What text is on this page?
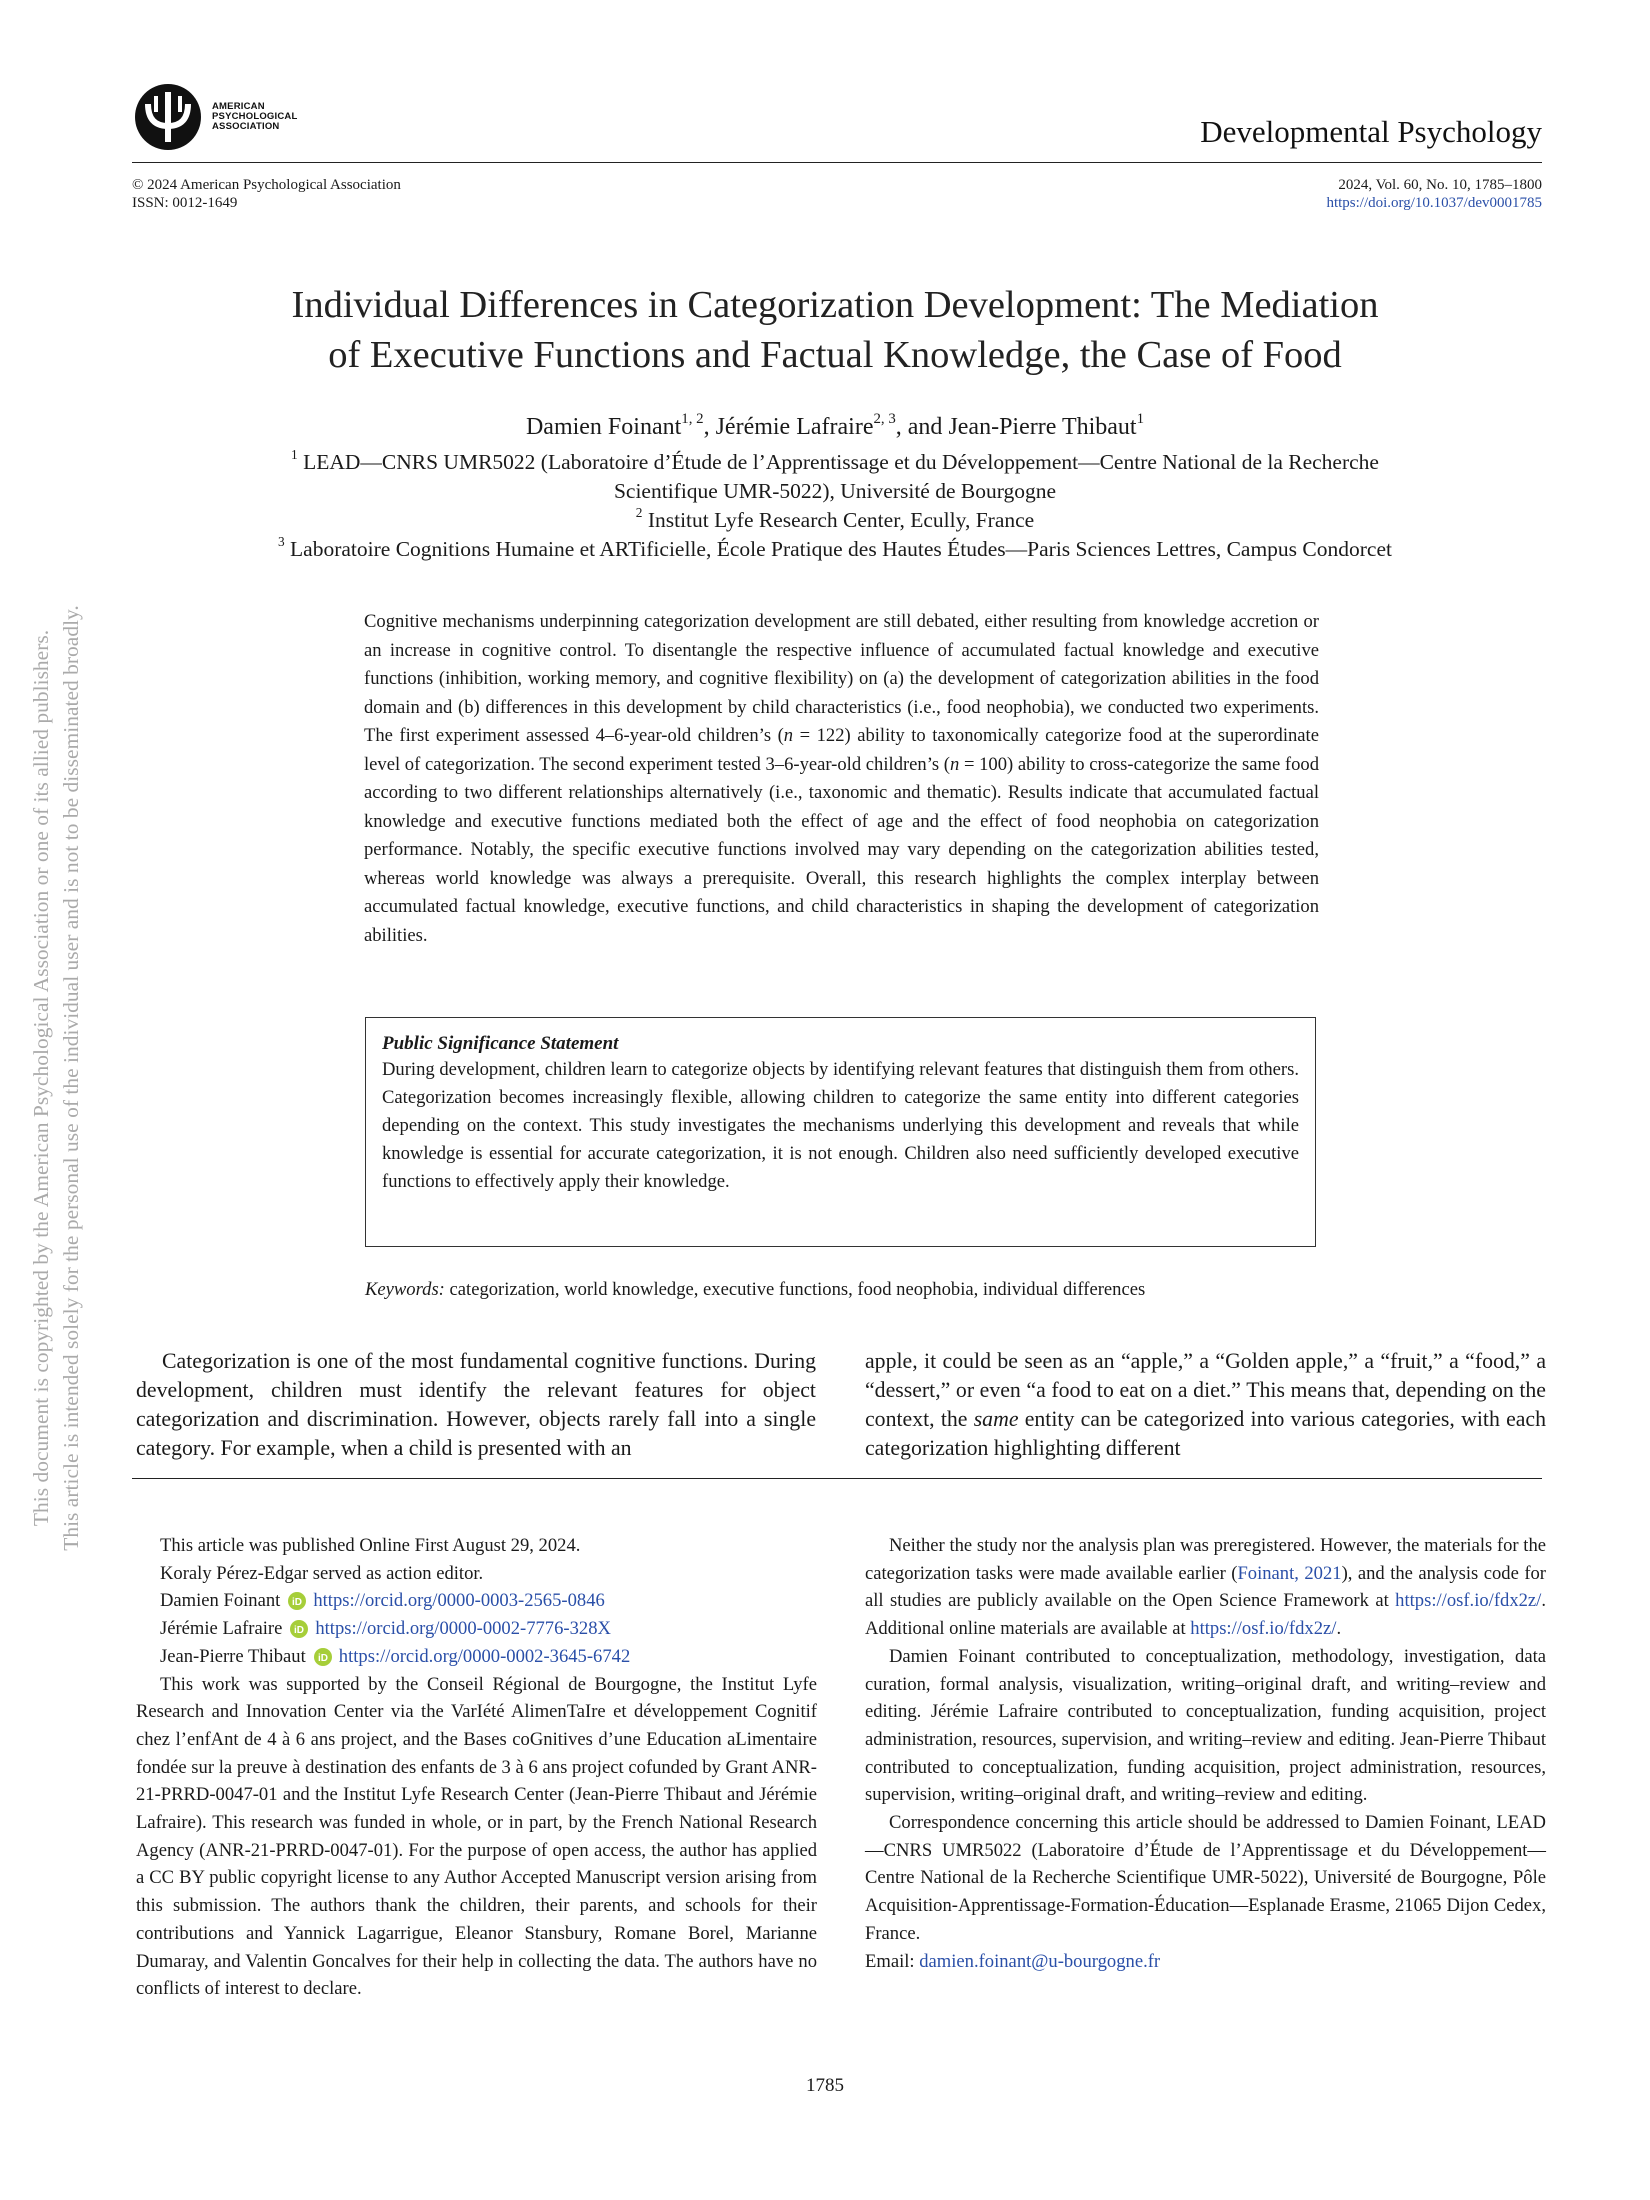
This document is copyrighted by the American Psychological Association or one of its allied publishers. This article is intended solely for the personal use of the individual user and is not to be disseminated broadly.
AMERICAN
PSYCHOLOGICAL
ASSOCIATION	Developmental Psychology
© 2024 American Psychological Association
ISSN: 0012-1649
2024, Vol. 60, No. 10, 1785–1800
https://doi.org/10.1037/dev0001785
Individual Differences in Categorization Development: The Mediation
of Executive Functions and Factual Knowledge, the Case of Food
Damien Foinant$^{1, 2}$, Jérémie Lafraire$^{2, 3}$, and Jean-Pierre Thibaut$^1$
$^1$ LEAD—CNRS UMR5022 (Laboratoire d’Étude de l’Apprentissage et du Développement—Centre National de la Recherche
Scientifique UMR-5022), Université de Bourgogne
$^2$ Institut Lyfe Research Center, Ecully, France
$^3$ Laboratoire Cognitions Humaine et ARTificielle, École Pratique des Hautes Études—Paris Sciences Lettres, Campus Condorcet
Cognitive mechanisms underpinning categorization development are still debated, either resulting from knowledge accretion or an increase in cognitive control. To disentangle the respective influence of accumulated factual knowledge and executive functions (inhibition, working memory, and cognitive flexibility) on (a) the development of categorization abilities in the food domain and (b) differences in this development by child characteristics (i.e., food neophobia), we conducted two experiments. The first experiment assessed 4–6-year-old children’s (n = 122) ability to taxonomically categorize food at the superordinate level of categorization. The second experiment tested 3–6-year-old children’s (n = 100) ability to cross-categorize the same food according to two different relationships alternatively (i.e., taxonomic and thematic). Results indicate that accumulated factual knowledge and executive functions mediated both the effect of age and the effect of food neophobia on categorization performance. Notably, the specific executive functions involved may vary depending on the categorization abilities tested, whereas world knowledge was always a prerequisite. Overall, this research highlights the complex interplay between accumulated factual knowledge, executive functions, and child characteristics in shaping the development of categorization abilities.
Public Significance Statement
During development, children learn to categorize objects by identifying relevant features that distinguish them from others. Categorization becomes increasingly flexible, allowing children to categorize the same entity into different categories depending on the context. This study investigates the mechanisms underlying this development and reveals that while knowledge is essential for accurate categorization, it is not enough. Children also need sufficiently developed executive functions to effectively apply their knowledge.
Keywords: categorization, world knowledge, executive functions, food neophobia, individual differences
Categorization is one of the most fundamental cognitive functions. During development, children must identify the relevant features for object categorization and discrimination. However, objects rarely fall into a single category. For example, when a child is presented with an
apple, it could be seen as an “apple,” a “Golden apple,” a “fruit,” a “food,” a “dessert,” or even “a food to eat on a diet.” This means that, depending on the context, the same entity can be categorized into various categories, with each categorization highlighting different

This article was published Online First August 29, 2024.

Koraly Pérez-Edgar served as action editor.

Damien Foinant iD https://orcid.org/0000-0003-2565-0846
Jérémie Lafraire iD https://orcid.org/0000-0002-7776-328X
Jean-Pierre Thibaut iD https://orcid.org/0000-0002-3645-6742

This work was supported by the Conseil Régional de Bourgogne, the Institut Lyfe Research and Innovation Center via the VarIété AlimenTaIre et développement Cognitif chez l’enfAnt de 4 à 6 ans project, and the Bases coGnitives d’une Education aLimentaire fondée sur la preuve à destination des enfants de 3 à 6 ans project cofunded by Grant ANR-21-PRRD-0047-01 and the Institut Lyfe Research Center (Jean-Pierre Thibaut and Jérémie Lafraire). This research was funded in whole, or in part, by the French National Research Agency (ANR-21-PRRD-0047-01). For the purpose of open access, the author has applied a CC BY public copyright license to any Author Accepted Manuscript version arising from this submission. The authors thank the children, their parents, and schools for their contributions and Yannick Lagarrigue, Eleanor Stansbury, Romane Borel, Marianne Dumaray, and Valentin Goncalves for their help in collecting the data. The authors have no conflicts of interest to declare.

Neither the study nor the analysis plan was preregistered. However, the materials for the categorization tasks were made available earlier (Foinant, 2021), and the analysis code for all studies are publicly available on the Open Science Framework at https://osf.io/fdx2z/. Additional online materials are available at https://osf.io/fdx2z/.

Damien Foinant contributed to conceptualization, methodology, investigation, data curation, formal analysis, visualization, writing–original draft, and writing–review and editing. Jérémie Lafraire contributed to conceptualization, funding acquisition, project administration, resources, supervision, and writing–review and editing. Jean-Pierre Thibaut contributed to conceptualization, funding acquisition, project administration, resources, supervision, writing–original draft, and writing–review and editing.

Correspondence concerning this article should be addressed to Damien Foinant, LEAD—CNRS UMR5022 (Laboratoire d’Étude de l’Apprentissage et du Développement—Centre National de la Recherche Scientifique UMR-5022), Université de Bourgogne, Pôle Acquisition-Apprentissage-Formation-Éducation—Esplanade Erasme, 21065 Dijon Cedex, France.
Email: damien.foinant@u-bourgogne.fr

1785
